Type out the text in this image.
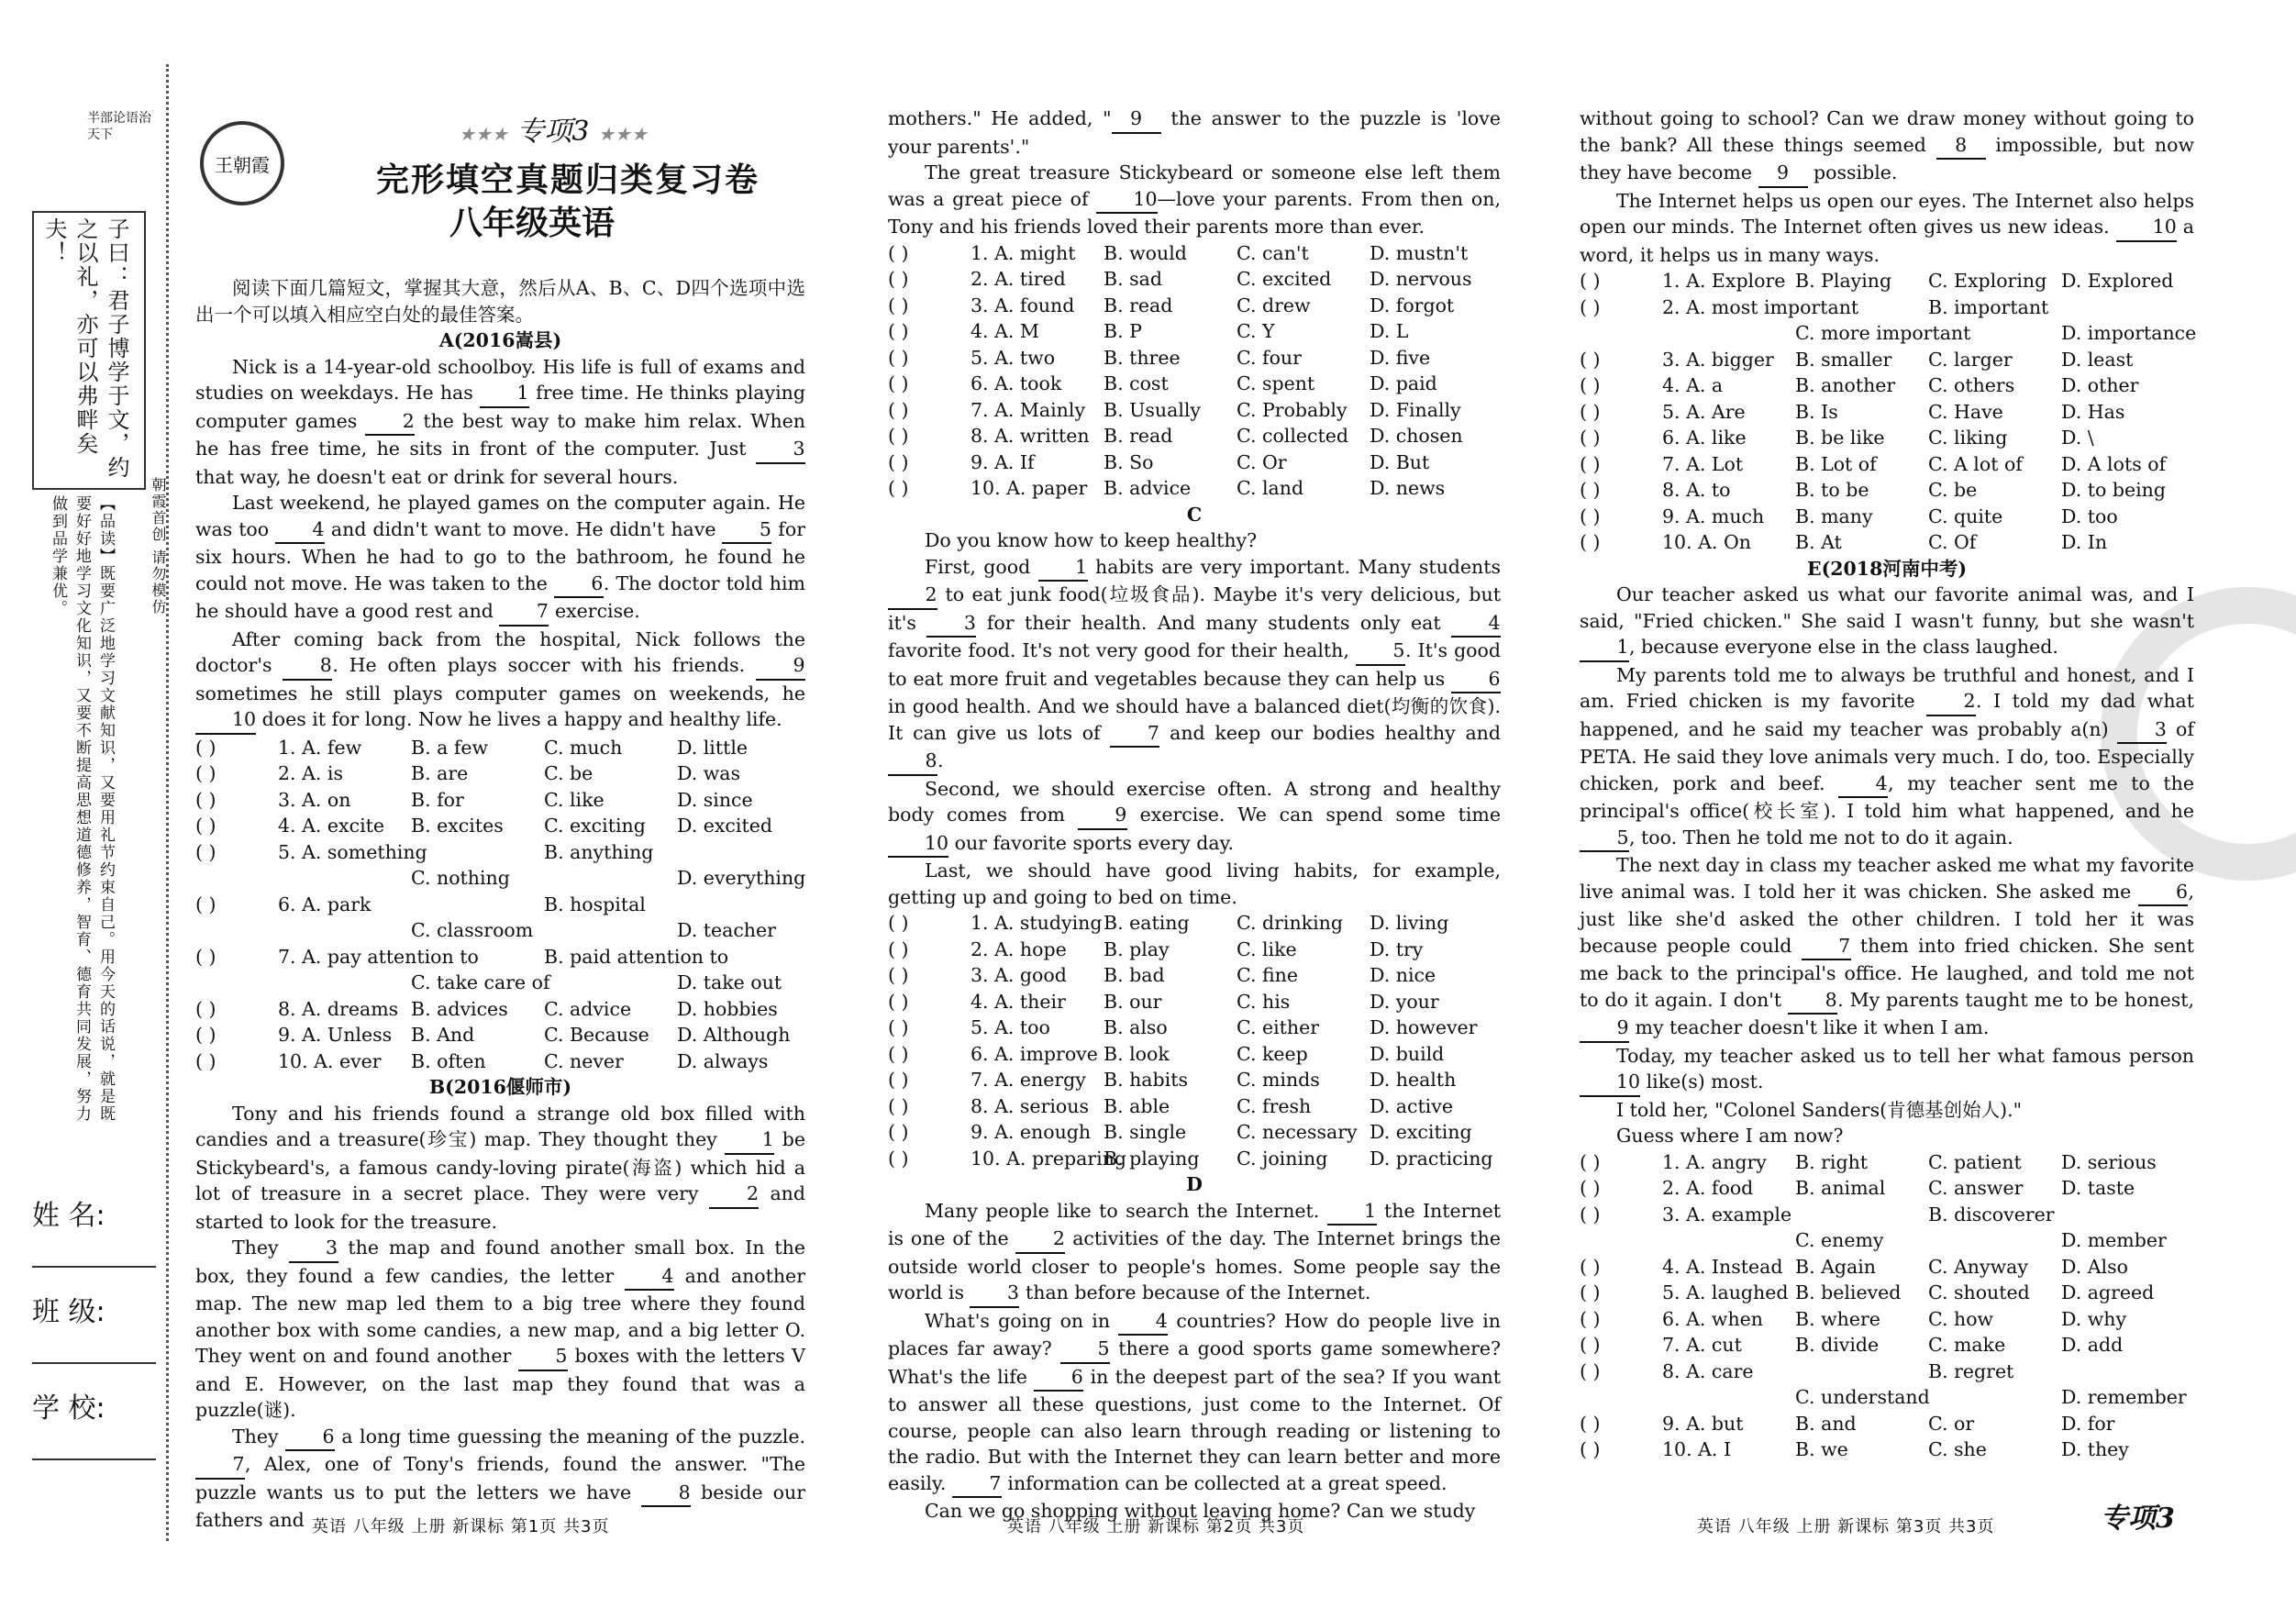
半部论语治天下
子曰：君子博学于文，约之以礼，亦可以弗畔矣夫！
【品读】既要广泛地学习文献知识，又要用礼节约束自己。用今天的话说，就是既要好好地学习文化知识，又要不断提高思想道德修养，智育、德育共同发展，努力做到品学兼优。	朝霞首创 请勿模仿
姓 名:
班 级:
学 校:
王朝霞
★★★ 专项3 ★★★
完形填空真题归类复习卷
八年级英语

阅读下面几篇短文，掌握其大意，然后从A、B、C、D四个选项中选出一个可以填入相应空白处的最佳答案。

A(2016嵩县)

Nick is a 14-year-old schoolboy. His life is full of exams and studies on weekdays. He has 1 free time. He thinks playing computer games 2 the best way to make him relax. When he has free time, he sits in front of the computer. Just 3 that way, he doesn't eat or drink for several hours.

Last weekend, he played games on the computer again. He was too 4 and didn't want to move. He didn't have 5 for six hours. When he had to go to the bathroom, he found he could not move. He was taken to the 6. The doctor told him he should have a good rest and 7 exercise.

After coming back from the hospital, Nick follows the doctor's 8. He often plays soccer with his friends. 9 sometimes he still plays computer games on weekends, he 10 does it for long. Now he lives a happy and healthy life.

( )	1. A. few	B. a few	C. much	D. little
( )	2. A. is	B. are	C. be	D. was
( )	3. A. on	B. for	C. like	D. since
( )	4. A. excite	B. excites	C. exciting	D. excited
( )	5. A. something	B. anything
C. nothing	D. everything
( )	6. A. park	B. hospital
C. classroom	D. teacher
( )	7. A. pay attention to	B. paid attention to
C. take care of	D. take out
( )	8. A. dreams B. advices	C. advice	D. hobbies
( )	9. A. Unless	B. And	C. Because	D. Although
( )	10. A. ever	B. often	C. never	D. always

B(2016偃师市)

Tony and his friends found a strange old box filled with candies and a treasure(珍宝) map. They thought they 1 be Stickybeard's, a famous candy-loving pirate(海盗) which hid a lot of treasure in a secret place. They were very 2 and started to look for the treasure.

They 3 the map and found another small box. In the box, they found a few candies, the letter 4 and another map. The new map led them to a big tree where they found another box with some candies, a new map, and a big letter O. They went on and found another 5 boxes with the letters V and E. However, on the last map they found that was a puzzle(谜).

They 6 a long time guessing the meaning of the puzzle. 7, Alex, one of Tony's friends, found the answer. "The puzzle wants us to put the letters we have 8 beside our fathers and 英语 八年级 上册 新课标 第1页 共3页

mothers." He added, " 9 the answer to the puzzle is 'love your parents'."

The great treasure Stickybeard or someone else left them was a great piece of 10—love your parents. From then on, Tony and his friends loved their parents more than ever.

( )	1. A. might	B. would	C. can't	D. mustn't
( )	2. A. tired	B. sad	C. excited	D. nervous
( )	3. A. found	B. read	C. drew	D. forgot
( )	4. A. M	B. P	C. Y	D. L
( )	5. A. two	B. three	C. four	D. five
( )	6. A. took	B. cost	C. spent	D. paid
( )	7. A. Mainly B. Usually	C. Probably	D. Finally
( )	8. A. written B. read	C. collected	D. chosen
( )	9. A. If	B. So	C. Or	D. But
( )	10. A. paper B. advice	C. land	D. news

C

Do you know how to keep healthy?

First, good 1 habits are very important. Many students 2 to eat junk food(垃圾食品). Maybe it's very delicious, but it's 3 for their health. And many students only eat 4 favorite food. It's not very good for their health, 5. It's good to eat more fruit and vegetables because they can help us 6 in good health. And we should have a balanced diet(均衡的饮食). It can give us lots of 7 and keep our bodies healthy and 8.

Second, we should exercise often. A strong and healthy body comes from 9 exercise. We can spend some time 10 our favorite sports every day.

Last, we should have good living habits, for example, getting up and going to bed on time.

( )	1. A. studying B. eating	C. drinking	D. living
( )	2. A. hope	B. play	C. like	D. try
( )	3. A. good	B. bad	C. fine	D. nice
( )	4. A. their	B. our	C. his	D. your
( )	5. A. too	B. also	C. either	D. however
( )	6. A. improve B. look	C. keep	D. build
( )	7. A. energy B. habits	C. minds	D. health
( )	8. A. serious B. able	C. fresh	D. active
( )	9. A. enough B. single	C. necessary D. exciting
( )	10. A. preparing
B. playing	C. joining	D. practicing

D

Many people like to search the Internet. 1 the Internet is one of the 2 activities of the day. The Internet brings the outside world closer to people's homes. Some people say the world is 3 than before because of the Internet.

What's going on in 4 countries? How do people live in places far away? 5 there a good sports game somewhere? What's the life 6 in the deepest part of the sea? If you want to answer all these questions, just come to the Internet. Of course, people can also learn through reading or listening to the radio. But with the Internet they can learn better and more easily. 7 information can be collected at a great speed.

Can we go shopping without leaving home? Can we study

英语 八年级 上册 新课标 第2页 共3页

without going to school? Can we draw money without going to the bank? All these things seemed 8 impossible, but now they have become 9 possible.

The Internet helps us open our eyes. The Internet also helps open our minds. The Internet often gives us new ideas. 10 a word, it helps us in many ways.

( )	1. A. Explore B. Playing	C. Exploring D. Explored
( )	2. A. most important	B. important
C. more important	D. importance
( )	3. A. bigger	B. smaller	C. larger	D. least
( )	4. A. a	B. another	C. others	D. other
( )	5. A. Are	B. Is	C. Have	D. Has
( )	6. A. like	B. be like	C. liking	D. \
( )	7. A. Lot	B. Lot of	C. A lot of	D. A lots of
( )	8. A. to	B. to be	C. be	D. to being
( )	9. A. much	B. many	C. quite	D. too
( )	10. A. On	B. At	C. Of	D. In

E(2018河南中考)

Our teacher asked us what our favorite animal was, and I said, "Fried chicken." She said I wasn't funny, but she wasn't 1, because everyone else in the class laughed.

My parents told me to always be truthful and honest, and I am. Fried chicken is my favorite 2. I told my dad what happened, and he said my teacher was probably a(n) 3 of PETA. He said they love animals very much. I do, too. Especially chicken, pork and beef. 4, my teacher sent me to the principal's office(校长室). I told him what happened, and he 5, too. Then he told me not to do it again.

The next day in class my teacher asked me what my favorite live animal was. I told her it was chicken. She asked me 6, just like she'd asked the other children. I told her it was because people could 7 them into fried chicken. She sent me back to the principal's office. He laughed, and told me not to do it again. I don't 8. My parents taught me to be honest, 9 my teacher doesn't like it when I am.

Today, my teacher asked us to tell her what famous person 10 like(s) most.

I told her, "Colonel Sanders(肯德基创始人)."

Guess where I am now?

( )	1. A. angry	B. right	C. patient	D. serious
( )	2. A. food	B. animal	C. answer	D. taste
( )	3. A. example	B. discoverer
C. enemy	D. member
( )	4. A. Instead B. Again	C. Anyway	D. Also
( )	5. A. laughed B. believed	C. shouted	D. agreed
( )	6. A. when	B. where	C. how	D. why
( )	7. A. cut	B. divide	C. make	D. add
( )	8. A. care	B. regret
C. understand	D. remember
( )	9. A. but	B. and	C. or	D. for
( )	10. A. I	B. we	C. she	D. they
英语 八年级 上册 新课标 第3页 共3页	专项3
